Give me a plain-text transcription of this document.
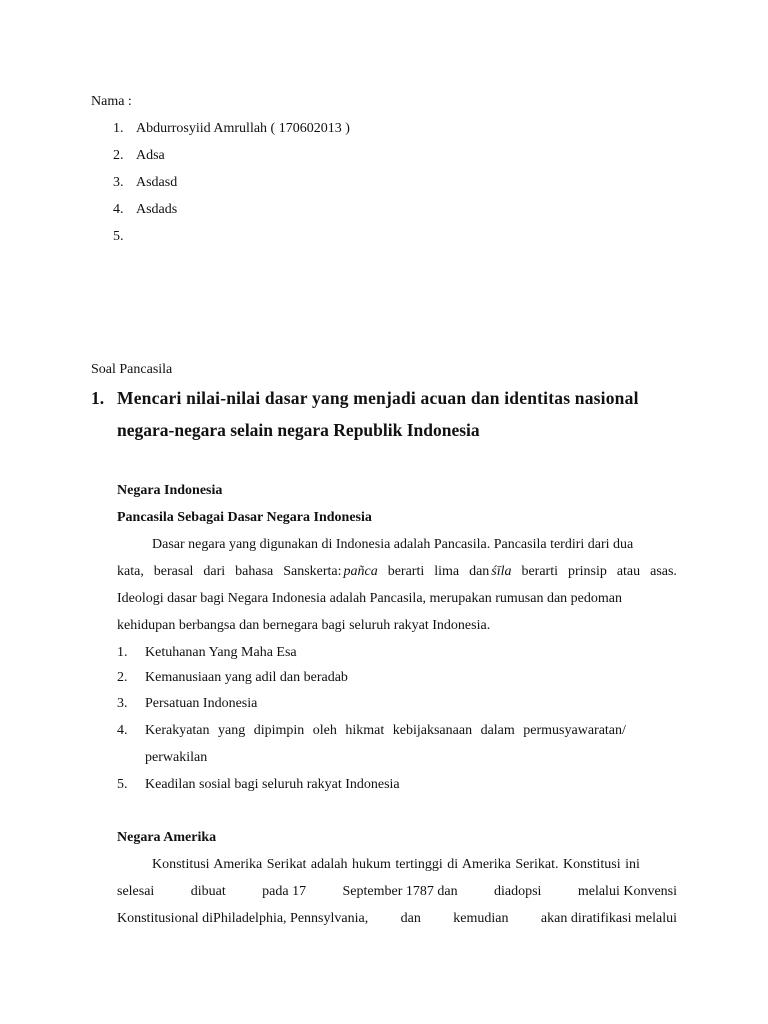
Nama :
1. Abdurrosyiid Amrullah ( 170602013 )
2. Adsa
3. Asdasd
4. Asdads
5.
Soal Pancasila
1. Mencari nilai-nilai dasar yang menjadi acuan dan identitas nasional
negara-negara selain negara Republik Indonesia
Negara Indonesia
Pancasila Sebagai Dasar Negara Indonesia
Dasar negara yang digunakan di Indonesia adalah Pancasila. Pancasila terdiri dari dua
kata, berasal dari bahasa Sanskerta: pañca berarti lima dan śīla berarti prinsip atau asas.
Ideologi dasar bagi Negara Indonesia adalah Pancasila, merupakan rumusan dan pedoman
kehidupan berbangsa dan bernegara bagi seluruh rakyat Indonesia.
1. Ketuhanan Yang Maha Esa
2. Kemanusiaan yang adil dan beradab
3. Persatuan Indonesia
4. Kerakyatan yang dipimpin oleh hikmat kebijaksanaan dalam permusyawaratan/
perwakilan
5. Keadilan sosial bagi seluruh rakyat Indonesia
Negara Amerika
Konstitusi Amerika Serikat adalah hukum tertinggi di Amerika Serikat. Konstitusi ini
selesai	dibuat	pada 17	September 1787 dan	diadopsi	melalui Konvensi
Konstitusional diPhiladelphia, Pennsylvania, dan kemudian akan diratifikasi melalui
